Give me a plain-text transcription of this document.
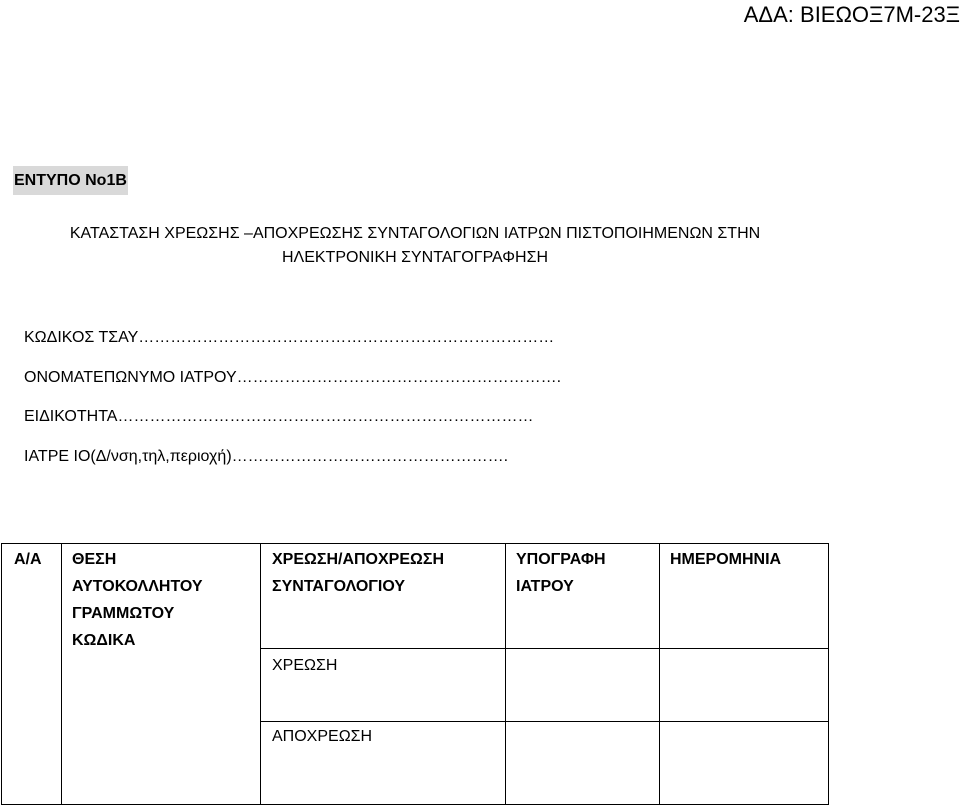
ΑΔΑ: ΒΙΕΩΟΞ7Μ-23Ξ
ΕΝΤΥΠΟ Νο1Β
ΚΑΤΑΣΤΑΣΗ ΧΡΕΩΣΗΣ –ΑΠΟΧΡΕΩΣΗΣ ΣΥΝΤΑΓΟΛΟΓΙΩΝ ΙΑΤΡΩΝ ΠΙΣΤΟΠΟΙΗΜΕΝΩΝ ΣΤΗΝ
ΗΛΕΚΤΡΟΝΙΚΗ ΣΥΝΤΑΓΟΓΡΑΦΗΣΗ
ΚΩΔΙΚΟΣ ΤΣΑΥ……………………………………………………………………
ΟΝΟΜΑΤΕΠΩΝΥΜΟ ΙΑΤΡΟΥ…………………………………………………….
ΕΙΔΙΚΟΤΗΤΑ……………………………………………………………………
ΙΑΤΡΕ ΙΟ(Δ/νση,τηλ,περιοχή)…………………………………………….
Α/Α ΘΕΣΗ
ΑΥΤΟΚΟΛΛΗΤΟΥ
ΓΡΑΜΜΩΤΟΥ
ΚΩΔΙΚΑ
ΧΡΕΩΣΗ/ΑΠΟΧΡΕΩΣΗ
ΣΥΝΤΑΓΟΛΟΓΙΟΥ
ΥΠΟΓΡΑΦΗ
ΙΑΤΡΟΥ
ΗΜΕΡΟΜΗΝΙΑ
ΧΡΕΩΣΗ
ΑΠΟΧΡΕΩΣΗ
